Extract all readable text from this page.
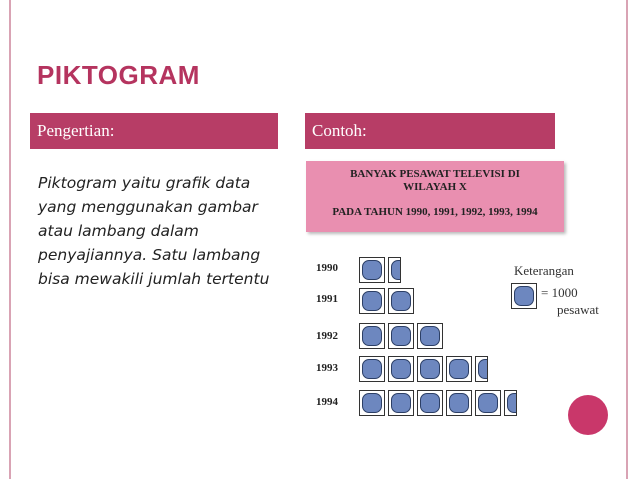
PIKTOGRAM
Pengertian:	Contoh:
Piktogram yaitu grafik data yang menggunakan gambar atau lambang dalam penyajiannya. Satu lambang bisa mewakili jumlah tertentu
BANYAK PESAWAT TELEVISI DI
WILAYAH X
PADA TAHUN 1990, 1991, 1992, 1993, 1994
1990
1991
1992
1993
1994
Keterangan
= 1000
pesawat
